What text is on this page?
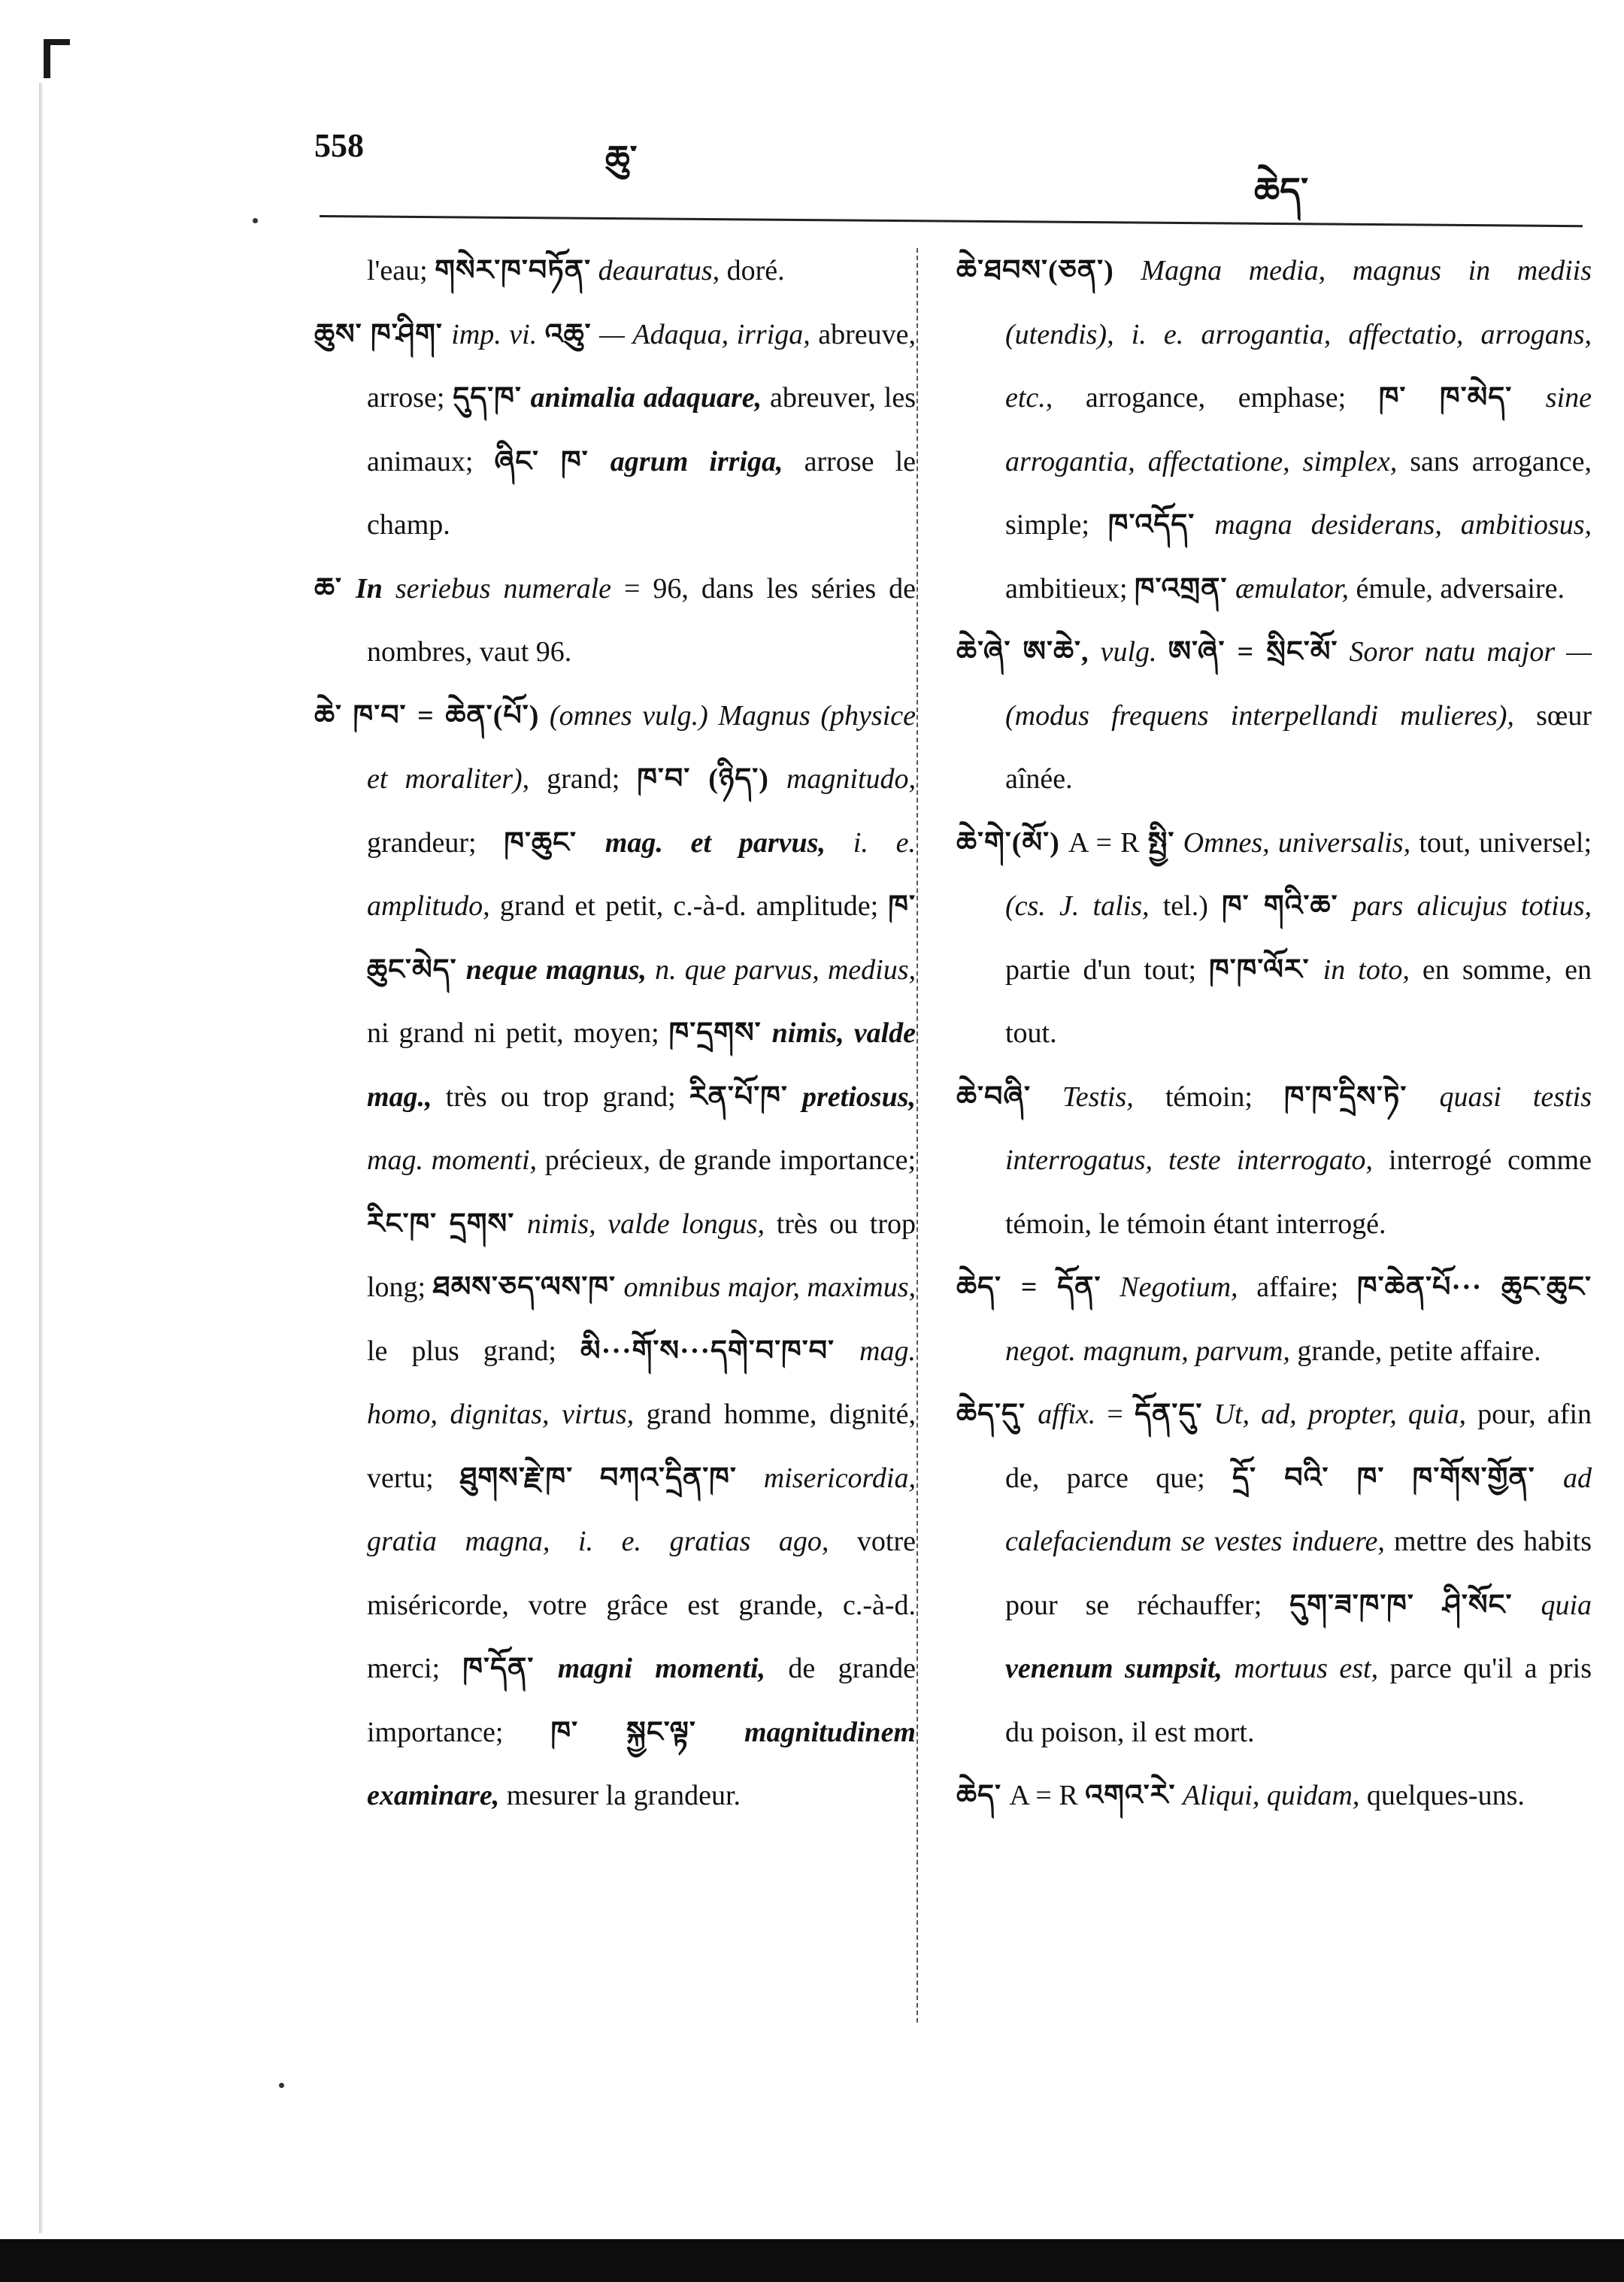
558	ཆུ་
ཆེད་

l'eau; གསེར་ཁ་བཏོན་ deauratus, doré.

ཆུས་ ཁ་ཤིག་ imp. vi. འཆུ་ — Adaqua, irriga, abreuve, arrose; དུད་ཁ་ animalia adaquare, abreuver, les animaux; ཞིང་ ཁ་ agrum irriga, arrose le champ.

ཆ་ In seriebus numerale = 96, dans les séries de nombres, vaut 96.

ཆེ་ ཁ་བ་ = ཆེན་(པོ་) (omnes vulg.) Magnus (physice et moraliter), grand; ཁ་བ་ (ཉིད་) magnitudo, grandeur; ཁ་ཆུང་ mag. et parvus, i. e. amplitudo, grand et petit, c.-à-d. amplitude; ཁ་ཆུང་མེད་ neque magnus, n. que parvus, medius, ni grand ni petit, moyen; ཁ་དྲགས་ nimis, valde mag., très ou trop grand; རིན་པོ་ཁ་ pretiosus, mag. momenti, précieux, de grande importance; རིང་ཁ་ དྲགས་ nimis, valde longus, très ou trop long; ཐམས་ཅད་ལས་ཁ་ omnibus major, maximus, le plus grand; མི···གོ་ས···དགེ་བ་ཁ་བ་ mag. homo, dignitas, virtus, grand homme, dignité, vertu; ཐུགས་རྗེ་ཁ་ བཀའ་དྲིན་ཁ་ misericordia, gratia magna, i. e. gratias ago, votre miséricorde, votre grâce est grande, c.-à-d. merci; ཁ་དོན་ magni momenti, de grande importance; ཁ་ སྐྱང་ལྟ་ magnitudinem examinare, mesurer la grandeur.

ཆེ་ཐབས་(ཅན་) Magna media, magnus in mediis (utendis), i. e. arrogantia, affectatio, arrogans, etc., arrogance, emphase; ཁ་ ཁ་མེད་ sine arrogantia, affectatione, simplex, sans arrogance, simple; ཁ་འདོད་ magna desiderans, ambitiosus, ambitieux; ཁ་འགྲན་ æmulator, émule, adversaire.

ཆེ་ཞེ་ ཨ་ཆེ་, vulg. ཨ་ཞེ་ = སྲིང་མོ་ Soror natu major — (modus frequens interpellandi mulieres), sœur aînée.

ཆེ་གེ་(མོ་) A = R སྤྱི་ Omnes, universalis, tout, universel; (cs. J. talis, tel.) ཁ་ གའི་ཆ་ pars alicujus totius, partie d'un tout; ཁ་ཁ་ལོར་ in toto, en somme, en tout.

ཆེ་བཞི་ Testis, témoin; ཁ་ཁ་དྲིས་ཏེ་ quasi testis interrogatus, teste interrogato, interrogé comme témoin, le témoin étant interrogé.

ཆེད་ = དོན་ Negotium, affaire; ཁ་ཆེན་པོ··· ཆུང་ཆུང་ negot. magnum, parvum, grande, petite affaire.

ཆེད་དུ་ affix. = དོན་དུ་ Ut, ad, propter, quia, pour, afin de, parce que; དྲོ་ བའི་ ཁ་ ཁ་གོས་གྱོན་ ad calefaciendum se vestes induere, mettre des habits pour se réchauffer; དུག་ཟ་ཁ་ཁ་ ཤི་སོང་ quia venenum sumpsit, mortuus est, parce qu'il a pris du poison, il est mort.

ཆེད་ A = R འགའ་རེ་ Aliqui, quidam, quelques-uns.
